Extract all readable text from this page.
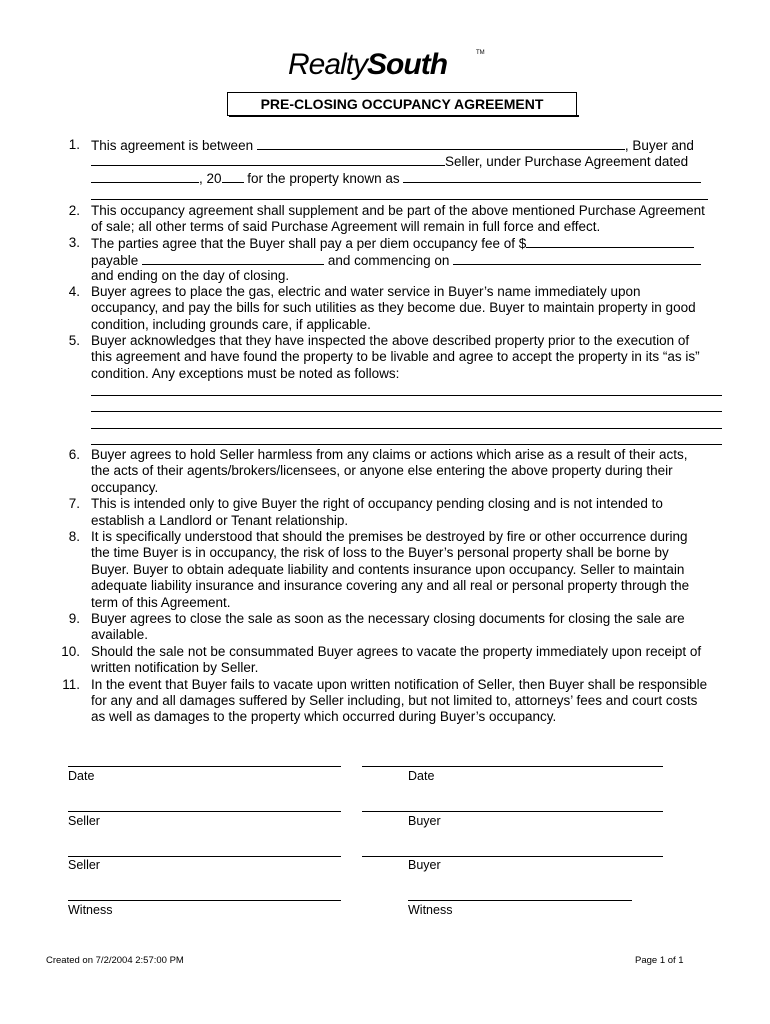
RealtySouth	TM
PRE-CLOSING OCCUPANCY AGREEMENT
1. This agreement is between	, Buyer and
Seller, under Purchase Agreement dated
, 20 for the property known as
2. This occupancy agreement shall supplement and be part of the above mentioned Purchase Agreement
of sale; all other terms of said Purchase Agreement will remain in full force and effect.
3. The parties agree that the Buyer shall pay a per diem occupancy fee of $
payable	and commencing on
and ending on the day of closing.
4. Buyer agrees to place the gas, electric and water service in Buyer’s name immediately upon
occupancy, and pay the bills for such utilities as they become due. Buyer to maintain property in good
condition, including grounds care, if applicable.
5. Buyer acknowledges that they have inspected the above described property prior to the execution of
this agreement and have found the property to be livable and agree to accept the property in its “as is”
condition. Any exceptions must be noted as follows:
6. Buyer agrees to hold Seller harmless from any claims or actions which arise as a result of their acts,
the acts of their agents/brokers/licensees, or anyone else entering the above property during their
occupancy.
7. This is intended only to give Buyer the right of occupancy pending closing and is not intended to
establish a Landlord or Tenant relationship.
8. It is specifically understood that should the premises be destroyed by fire or other occurrence during
the time Buyer is in occupancy, the risk of loss to the Buyer’s personal property shall be borne by
Buyer. Buyer to obtain adequate liability and contents insurance upon occupancy. Seller to maintain
adequate liability insurance and insurance covering any and all real or personal property through the
term of this Agreement.
9. Buyer agrees to close the sale as soon as the necessary closing documents for closing the sale are
available.
10. Should the sale not be consummated Buyer agrees to vacate the property immediately upon receipt of
written notification by Seller.
11. In the event that Buyer fails to vacate upon written notification of Seller, then Buyer shall be responsible
for any and all damages suffered by Seller including, but not limited to, attorneys’ fees and court costs
as well as damages to the property which occurred during Buyer’s occupancy.
Date	Date
Seller	Buyer
Seller	Buyer
Witness	Witness
Created on 7/2/2004 2:57:00 PM	Page 1 of 1
